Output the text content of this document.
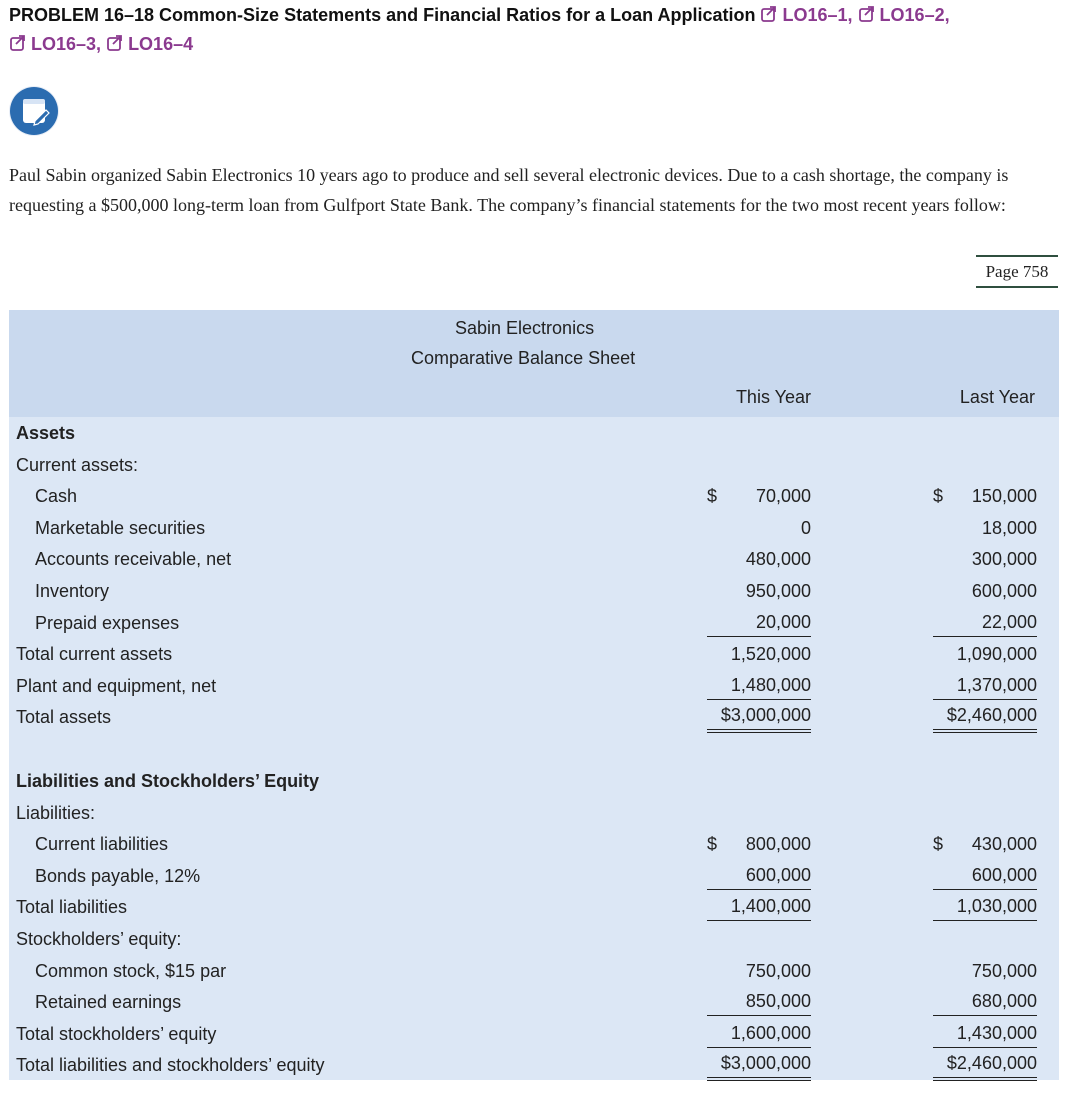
PROBLEM 16–18 Common-Size Statements and Financial Ratios for a Loan Application LO16–1, LO16–2,
LO16–3, LO16–4
Paul Sabin organized Sabin Electronics 10 years ago to produce and sell several electronic devices. Due to a cash shortage, the company is requesting a $500,000 long-term loan from Gulfport State Bank. The company’s financial statements for the two most recent years follow:
Page 758
Sabin Electronics
Comparative Balance Sheet
This Year	Last Year
Assets
Current assets:
Cash	$ 70,000	$ 150,000
Marketable securities	0	18,000
Accounts receivable, net	480,000	300,000
Inventory	950,000	600,000
Prepaid expenses	20,000	22,000
Total current assets	1,520,000	1,090,000
Plant and equipment, net	1,480,000	1,370,000
Total assets	$3,000,000	$2,460,000
Liabilities and Stockholders’ Equity
Liabilities:
Current liabilities	$ 800,000	$ 430,000
Bonds payable, 12%	600,000	600,000
Total liabilities	1,400,000	1,030,000
Stockholders’ equity:
Common stock, $15 par	750,000	750,000
Retained earnings	850,000	680,000
Total stockholders’ equity	1,600,000	1,430,000
Total liabilities and stockholders’ equity	$3,000,000	$2,460,000
